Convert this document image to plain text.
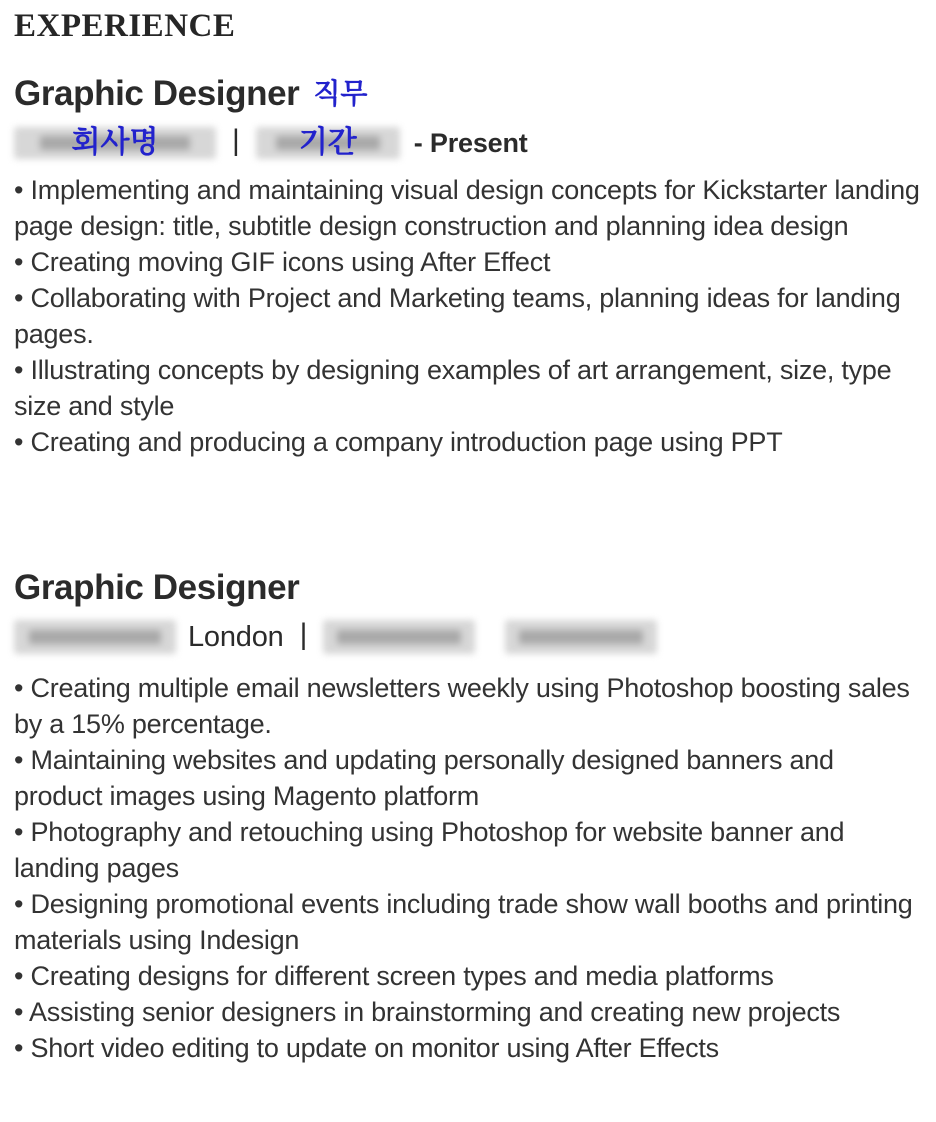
EXPERIENCE
Graphic Designer 직무
회사명	|	기간	- Present

• Implementing and maintaining visual design concepts for Kickstarter landing page design: title, subtitle design construction and planning idea design

• Creating moving GIF icons using After Effect

• Collaborating with Project and Marketing teams, planning ideas for landing pages.

• Illustrating concepts by designing examples of art arrangement, size, type size and style

• Creating and producing a company introduction page using PPT

Graphic Designer
London |

• Creating multiple email newsletters weekly using Photoshop boosting sales by a 15% percentage.

• Maintaining websites and updating personally designed banners and product images using Magento platform

• Photography and retouching using Photoshop for website banner and landing pages

• Designing promotional events including trade show wall booths and printing materials using Indesign

• Creating designs for different screen types and media platforms

• Assisting senior designers in brainstorming and creating new projects

• Short video editing to update on monitor using After Effects
